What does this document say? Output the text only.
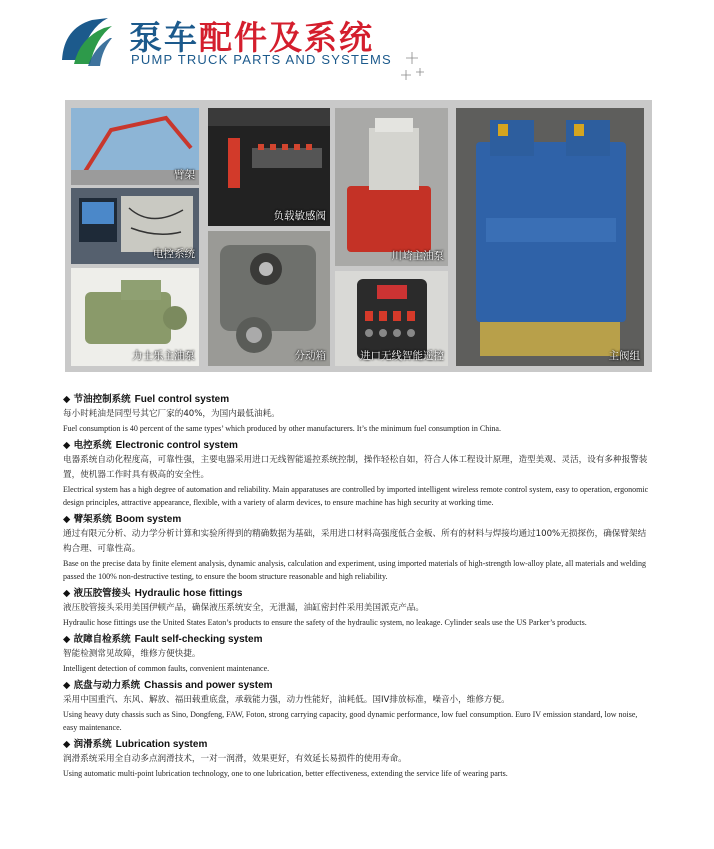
泵车配件及系统
PUMP TRUCK PARTS AND SYSTEMS
臂架
电控系统
力士乐主油泵
负载敏感阀
分动箱
川崎主油泵
进口无线智能遥控	主阀组
◆ 节油控制系统 Fuel control system

每小时耗油是同型号其它厂家的40%，为国内最低油耗。

Fuel consumption is 40 percent of the same types’ which produced by other manufacturers. It’s the minimum fuel consumption in China.

◆ 电控系统 Electronic control system

电器系统自动化程度高，可靠性强，主要电器采用进口无线智能遥控系统控制，操作轻松自如，符合人体工程设计原理，造型美观、灵活，设有多种报警装置，使机器工作时具有极高的安全性。

Electrical system has a high degree of automation and reliability. Main apparatuses are controlled by imported intelligent wireless remote control system, easy to operation, ergonomic design principles, attractive appearance, flexible, with a variety of alarm devices, to ensure machine has high security at working time.

◆ 臂架系统 Boom system

通过有限元分析、动力学分析计算和实验所得到的精确数据为基础，采用进口材料高强度低合金板、所有的材料与焊接均通过100%无损探伤，确保臂架结构合理、可靠性高。

Base on the precise data by finite element analysis, dynamic analysis, calculation and experiment, using imported materials of high-strength low-alloy plate, all materials and welding passed the 100% non-destructive testing, to ensure the boom structure reasonable and high reliability.

◆ 液压胶管接头 Hydraulic hose fittings

液压胶管接头采用美国伊顿产品，确保液压系统安全，无泄漏，油缸密封件采用美国派克产品。

Hydraulic hose fittings use the United States Eaton’s products to ensure the safety of the hydraulic system, no leakage. Cylinder seals use the US Parker’s products.

◆ 故障自检系统 Fault self-checking system

智能检测常见故障，维修方便快捷。

Intelligent detection of common faults, convenient maintenance.

◆ 底盘与动力系统 Chassis and power system

采用中国重汽、东风、解放、福田载重底盘，承载能力强，动力性能好，油耗低。国IV排放标准，噪音小，维修方便。

Using heavy duty chassis such as Sino, Dongfeng, FAW, Foton, strong carrying capacity, good dynamic performance, low fuel consumption. Euro IV emission standard, low noise, easy maintenance.

◆ 润滑系统 Lubrication system

润滑系统采用全自动多点润滑技术，一对一润滑，效果更好，有效延长易损件的使用寿命。

Using automatic multi-point lubrication technology, one to one lubrication, better effectiveness, extending the service life of wearing parts.
